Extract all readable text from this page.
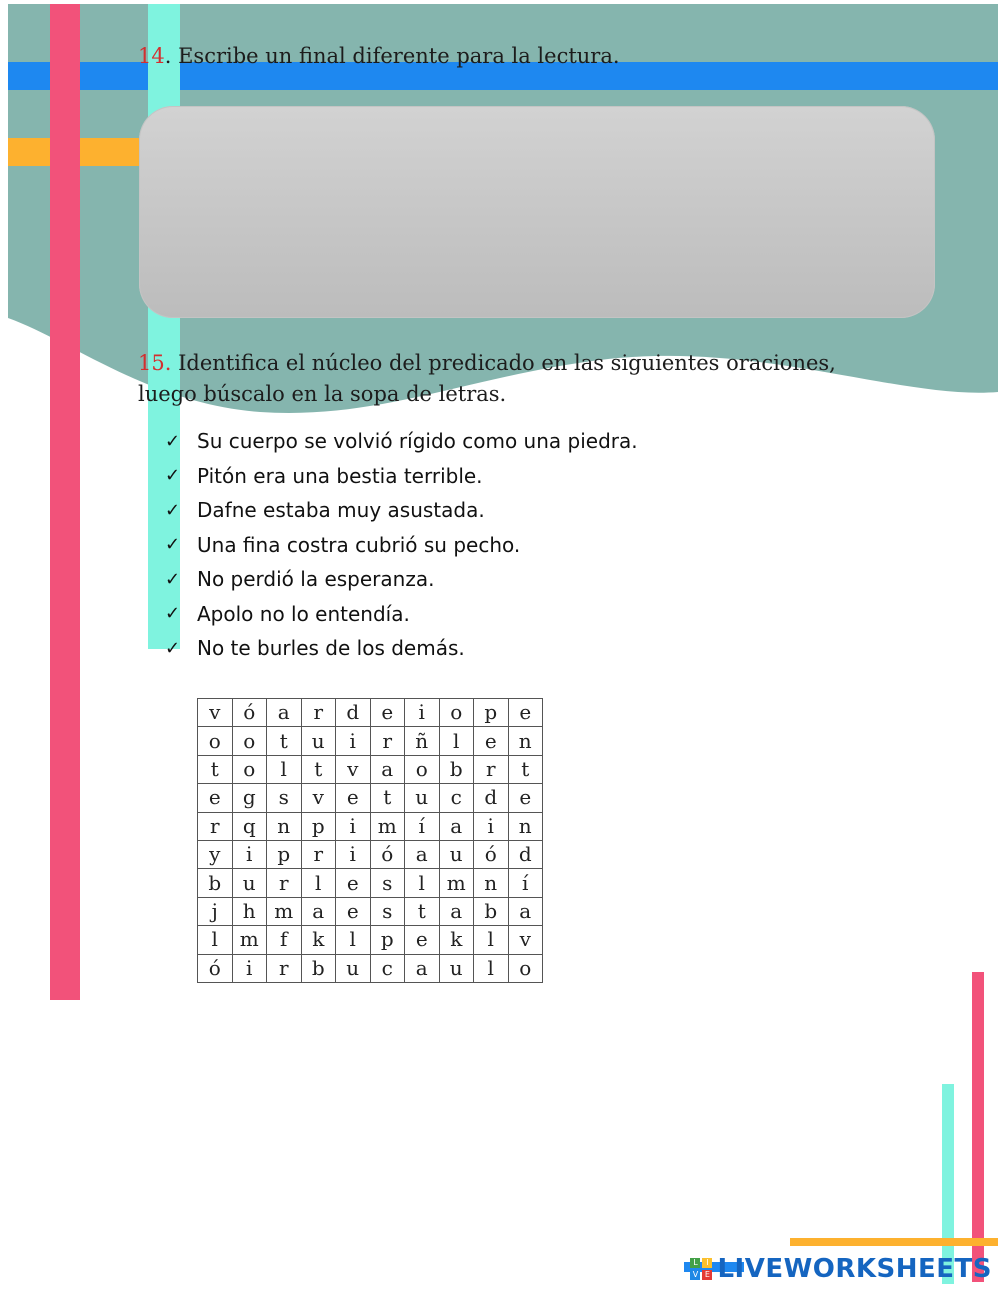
14. Escribe un final diferente para la lectura.
15. Identifica el núcleo del predicado en las siguientes oraciones, luego búscalo en la sopa de letras.
✓ Su cuerpo se volvió rígido como una piedra.
✓ Pitón era una bestia terrible.
✓ Dafne estaba muy asustada.
✓ Una fina costra cubrió su pecho.
✓ No perdió la esperanza.
✓ Apolo no lo entendía.
✓ No te burles de los demás.
v	ó	a	r	d	e	i	o	p	e
o	o	t	u	i	r	ñ	l	e	n
t	o	l	t	v	a	o	b	r	t
e	g	s	v	e	t	u	c	d	e
r	q	n	p	i	m	í	a	i	n
y	i	p	r	i	ó	a	u	ó	d
b	u	r	l	e	s	l	m	n	í
j	h	m	a	e	s	t	a	b	a
l	m	f	k	l	p	e	k	l	v
ó	i	r	b	u	c	a	u	l	o
L	I
V E LIVEWORKSHEETS
